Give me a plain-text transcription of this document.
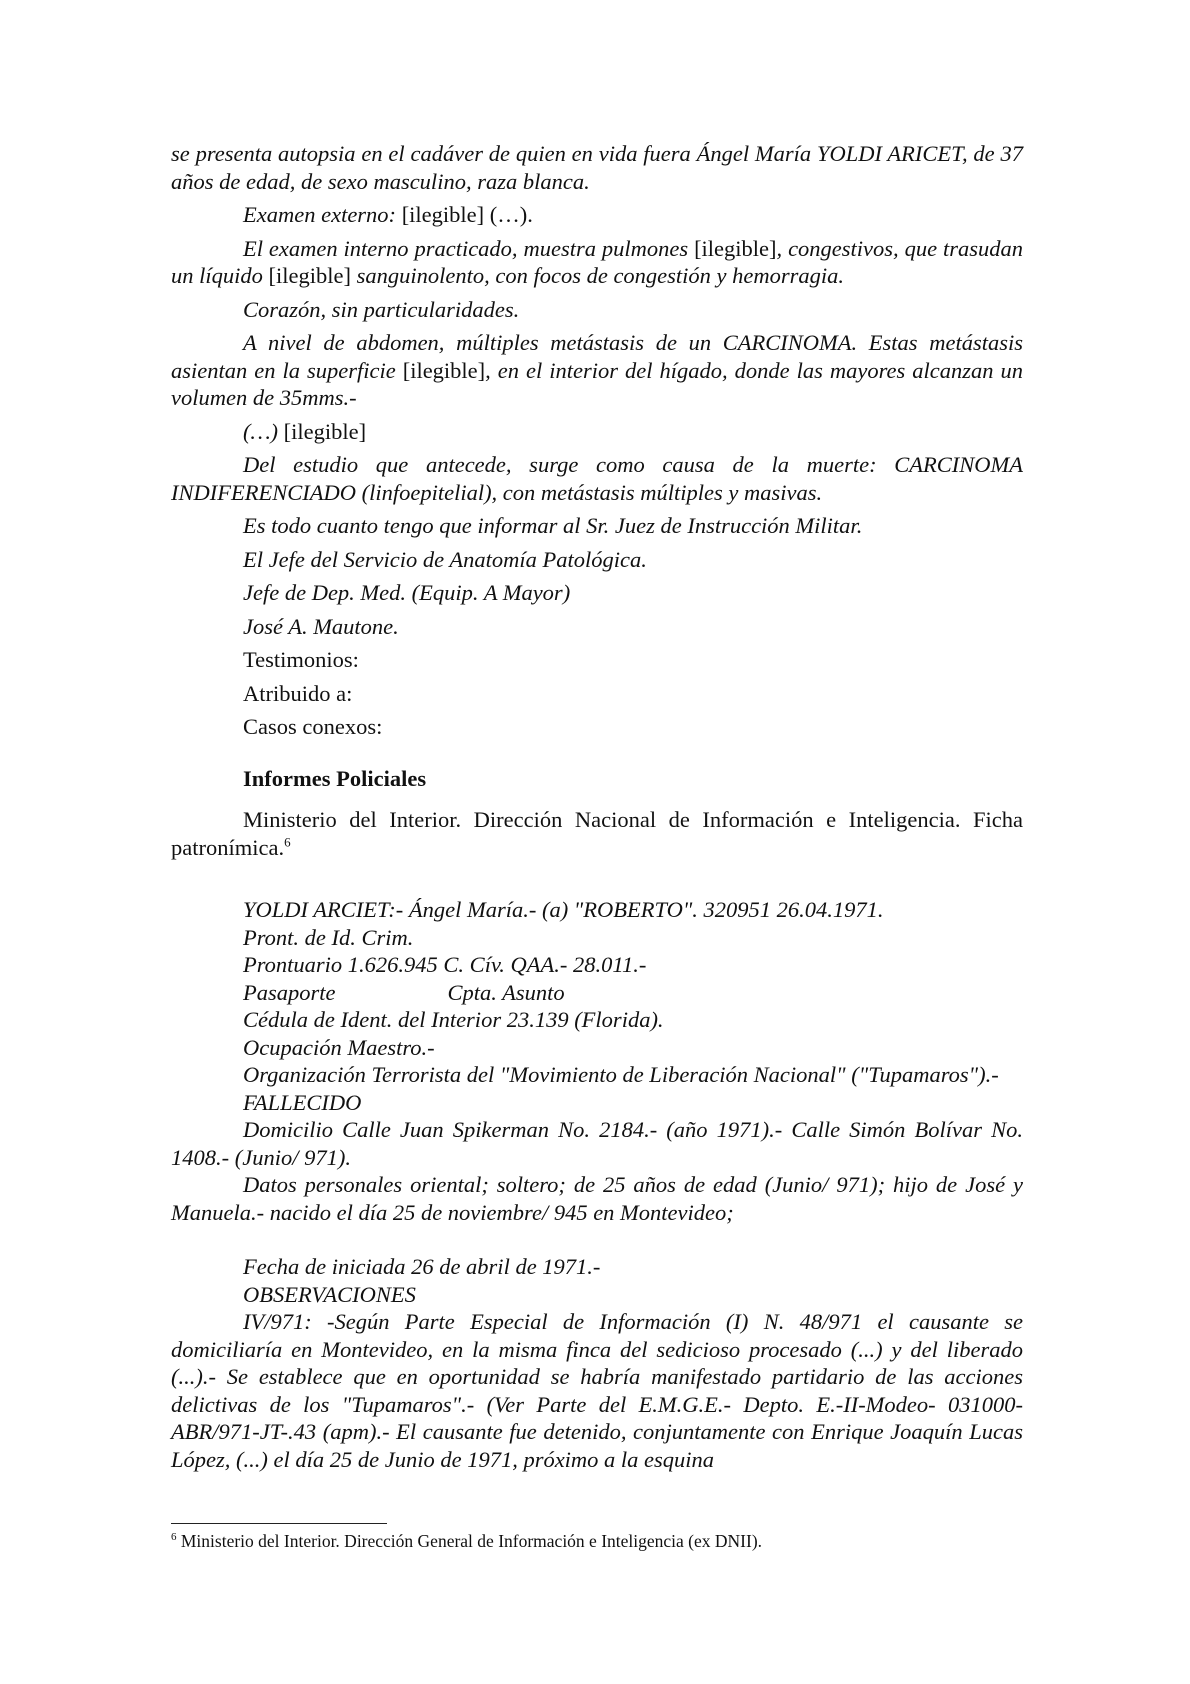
se presenta autopsia en el cadáver de quien en vida fuera Ángel María YOLDI ARICET, de 37 años de edad, de sexo masculino, raza blanca.

Examen externo: [ilegible] (…).

El examen interno practicado, muestra pulmones [ilegible], congestivos, que trasudan un líquido [ilegible] sanguinolento, con focos de congestión y hemorragia.

Corazón, sin particularidades.

A nivel de abdomen, múltiples metástasis de un CARCINOMA. Estas metástasis asientan en la superficie [ilegible], en el interior del hígado, donde las mayores alcanzan un volumen de 35mms.-

(…) [ilegible]

Del estudio que antecede, surge como causa de la muerte: CARCINOMA INDIFERENCIADO (linfoepitelial), con metástasis múltiples y masivas.

Es todo cuanto tengo que informar al Sr. Juez de Instrucción Militar.

El Jefe del Servicio de Anatomía Patológica.

Jefe de Dep. Med. (Equip. A Mayor)

José A. Mautone.

Testimonios:

Atribuido a:

Casos conexos:

Informes Policiales

Ministerio del Interior. Dirección Nacional de Información e Inteligencia. Ficha patronímica.$^6$

YOLDI ARCIET:- Ángel María.- (a) "ROBERTO". 320951 26.04.1971.

Pront. de Id. Crim.

Prontuario 1.626.945 C. Cív. QAA.- 28.011.-

Pasaporte	Cpta. Asunto

Cédula de Ident. del Interior 23.139 (Florida).

Ocupación Maestro.-

Organización Terrorista del "Movimiento de Liberación Nacional" ("Tupamaros").-

FALLECIDO

Domicilio Calle Juan Spikerman No. 2184.- (año 1971).- Calle Simón Bolívar No. 1408.- (Junio/ 971).

Datos personales oriental; soltero; de 25 años de edad (Junio/ 971); hijo de José y Manuela.- nacido el día 25 de noviembre/ 945 en Montevideo;

Fecha de iniciada 26 de abril de 1971.-

OBSERVACIONES

IV/971: -Según Parte Especial de Información (I) N. 48/971 el causante se domiciliaría en Montevideo, en la misma finca del sedicioso procesado (...) y del liberado (...).- Se establece que en oportunidad se habría manifestado partidario de las acciones delictivas de los "Tupamaros".- (Ver Parte del E.M.G.E.- Depto. E.-II-Modeo- 031000- ABR/971-JT-.43 (apm).- El causante fue detenido, conjuntamente con Enrique Joaquín Lucas López, (...) el día 25 de Junio de 1971, próximo a la esquina

$^6$ Ministerio del Interior. Dirección General de Información e Inteligencia (ex DNII).
